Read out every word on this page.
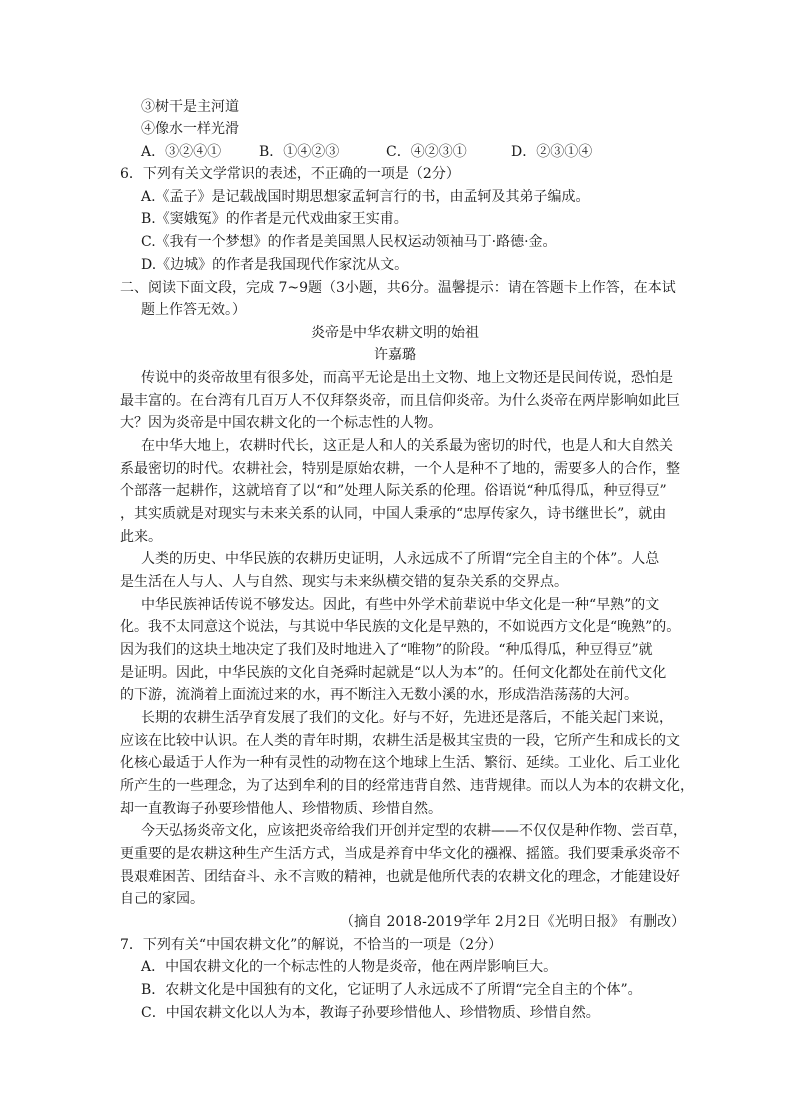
③树干是主河道
④像水一样光滑
A．③②④①	B．①④②③	C．④②③①	D．②③①④
6．下列有关文学常识的表述，不正确的一项是（2分）
A.《孟子》是记载战国时期思想家孟轲言行的书，由孟轲及其弟子编成。
B.《窦娥冤》的作者是元代戏曲家王实甫。
C.《我有一个梦想》的作者是美国黑人民权运动领袖马丁·路德·金。
D.《边城》的作者是我国现代作家沈从文。
二、阅读下面文段，完成 7~9题（3小题，共6分。温馨提示：请在答题卡上作答，在本试
题上作答无效。）
炎帝是中华农耕文明的始祖
许嘉璐
传说中的炎帝故里有很多处，而高平无论是出土文物、地上文物还是民间传说，恐怕是
最丰富的。在台湾有几百万人不仅拜祭炎帝，而且信仰炎帝。为什么炎帝在两岸影响如此巨
大？因为炎帝是中国农耕文化的一个标志性的人物。
在中华大地上，农耕时代长，这正是人和人的关系最为密切的时代，也是人和大自然关
系最密切的时代。农耕社会，特别是原始农耕，一个人是种不了地的，需要多人的合作，整
个部落一起耕作，这就培育了以“和”处理人际关系的伦理。俗语说“种瓜得瓜，种豆得豆”
，其实质就是对现实与未来关系的认同，中国人秉承的“忠厚传家久，诗书继世长”，就由
此来。
人类的历史、中华民族的农耕历史证明，人永远成不了所谓“完全自主的个体”。人总
是生活在人与人、人与自然、现实与未来纵横交错的复杂关系的交界点。
中华民族神话传说不够发达。因此，有些中外学术前辈说中华文化是一种“早熟”的文
化。我不太同意这个说法，与其说中华民族的文化是早熟的，不如说西方文化是“晚熟”的。
因为我们的这块土地决定了我们及时地进入了“唯物”的阶段。“种瓜得瓜，种豆得豆”就
是证明。因此，中华民族的文化自尧舜时起就是“以人为本”的。任何文化都处在前代文化
的下游，流淌着上面流过来的水，再不断注入无数小溪的水，形成浩浩荡荡的大河。
长期的农耕生活孕育发展了我们的文化。好与不好，先进还是落后，不能关起门来说，
应该在比较中认识。在人类的青年时期，农耕生活是极其宝贵的一段，它所产生和成长的文
化核心最适于人作为一种有灵性的动物在这个地球上生活、繁衍、延续。工业化、后工业化
所产生的一些理念，为了达到牟利的目的经常违背自然、违背规律。而以人为本的农耕文化，
却一直教诲子孙要珍惜他人、珍惜物质、珍惜自然。
今天弘扬炎帝文化，应该把炎帝给我们开创并定型的农耕——不仅仅是种作物、尝百草，
更重要的是农耕这种生产生活方式，当成是养育中华文化的襁褓、摇篮。我们要秉承炎帝不
畏艰难困苦、团结奋斗、永不言败的精神，也就是他所代表的农耕文化的理念，才能建设好
自己的家园。
（摘自 2018-2019学年 2月2日《光明日报》 有删改）
7．下列有关“中国农耕文化”的解说，不恰当的一项是（2分）
A．中国农耕文化的一个标志性的人物是炎帝，他在两岸影响巨大。
B．农耕文化是中国独有的文化，它证明了人永远成不了所谓“完全自主的个体”。
C．中国农耕文化以人为本，教诲子孙要珍惜他人、珍惜物质、珍惜自然。
